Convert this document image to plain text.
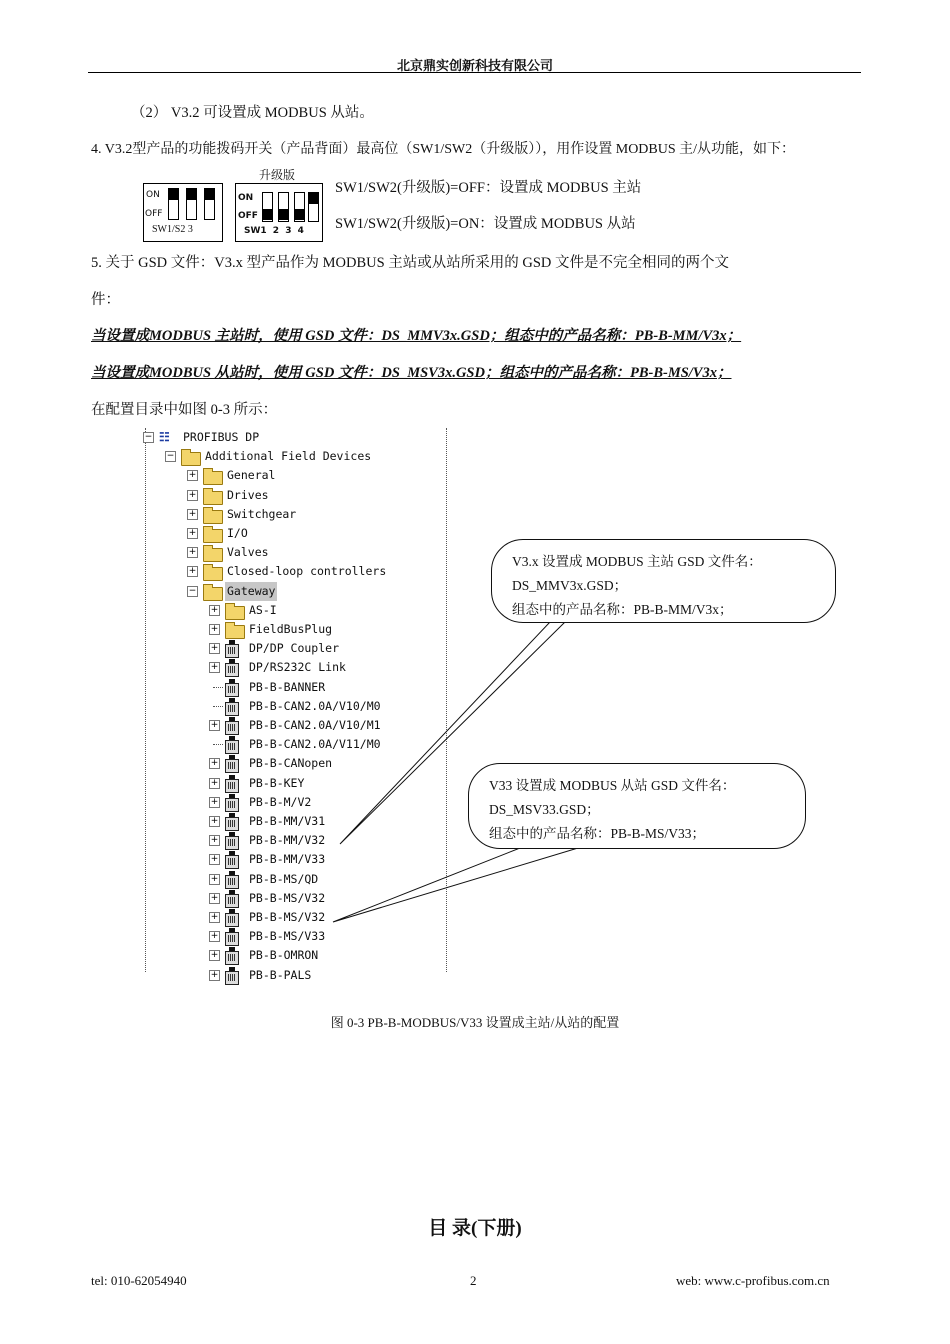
北京鼎实创新科技有限公司
（2） V3.2 可设置成 MODBUS 从站。
4. V3.2型产品的功能拨码开关（产品背面）最高位（SW1/SW2（升级版）），用作设置 MODBUS 主/从功能，如下：
升级版
ON
OFF
SW1/S2 3
ON
OFF
SW1 2 3 4
SW1/SW2(升级版)=OFF：设置成 MODBUS 主站
SW1/SW2(升级版)=ON：设置成 MODBUS 从站
5. 关于 GSD 文件：V3.x 型产品作为 MODBUS 主站或从站所采用的 GSD 文件是不完全相同的两个文
件：
当设置成MODBUS 主站时，使用 GSD 文件：DS_MMV3x.GSD；组态中的产品名称：PB-B-MM/V3x；
当设置成MODBUS 从站时，使用 GSD 文件：DS_MSV3x.GSD；组态中的产品名称：PB-B-MS/V3x；
在配置目录中如图 0-3 所示：
− ☷	PROFIBUS DP
−	Additional Field Devices
+	General
+	Drives
+	Switchgear
+	I/O
+	Valves
+	Closed-loop controllers
−	Gateway
+	AS-I
+	FieldBusPlug
+	DP/DP Coupler
+	DP/RS232C Link
PB-B-BANNER
PB-B-CAN2.0A/V10/M0
+	PB-B-CAN2.0A/V10/M1
PB-B-CAN2.0A/V11/M0
+	PB-B-CANopen
+	PB-B-KEY
+	PB-B-M/V2
+	PB-B-MM/V31
+	PB-B-MM/V32
+	PB-B-MM/V33
+	PB-B-MS/QD
+	PB-B-MS/V32
+	PB-B-MS/V32
+	PB-B-MS/V33
+	PB-B-OMRON
+	PB-B-PALS
V3.x 设置成 MODBUS 主站 GSD 文件名：
DS_MMV3x.GSD；
组态中的产品名称：PB-B-MM/V3x；
V33 设置成 MODBUS 从站 GSD 文件名：
DS_MSV33.GSD；
组态中的产品名称：PB-B-MS/V33；
图 0-3 PB-B-MODBUS/V33 设置成主站/从站的配置
目 录(下册)
tel: 010-62054940	2	web: www.c-profibus.com.cn
